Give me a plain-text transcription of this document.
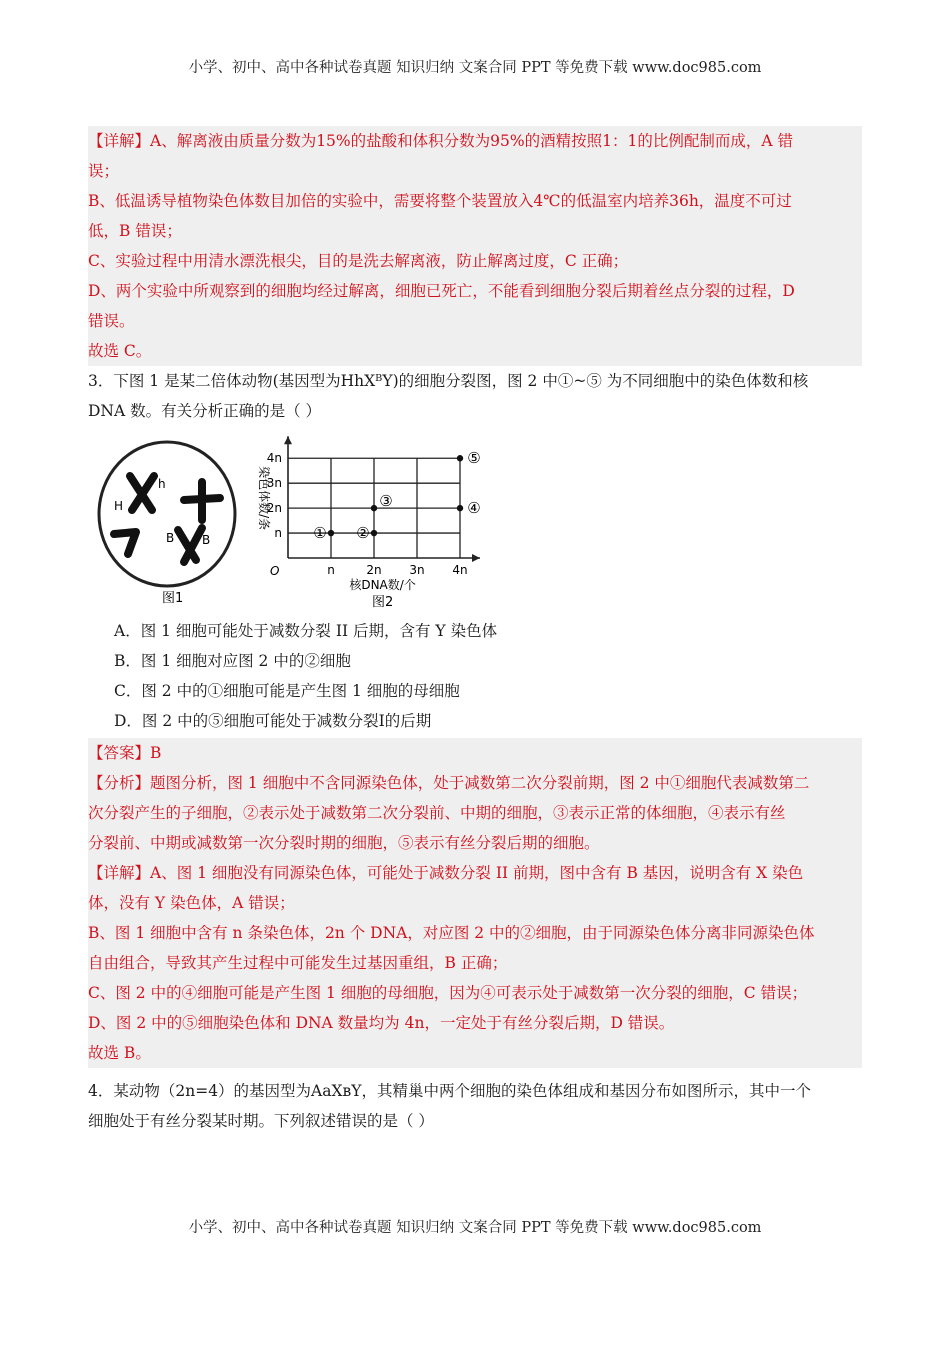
小学、初中、高中各种试卷真题 知识归纳 文案合同 PPT 等免费下载 www.doc985.com
【详解】A、解离液由质量分数为15%的盐酸和体积分数为95%的酒精按照1：1的比例配制而成，A 错
误；
B、低温诱导植物染色体数目加倍的实验中，需要将整个装置放入4℃的低温室内培养36h，温度不可过
低，B 错误；
C、实验过程中用清水漂洗根尖，目的是洗去解离液，防止解离过度，C 正确；
D、两个实验中所观察到的细胞均经过解离，细胞已死亡，不能看到细胞分裂后期着丝点分裂的过程，D
错误。
故选 C。
3．下图 1 是某二倍体动物(基因型为HhXᴮY)的细胞分裂图，图 2 中①~⑤ 为不同细胞中的染色体数和核
DNA 数。有关分析正确的是（ ）
H
h
B B
图1
染色体数/条
核DNA数/个
O
图2
n	2n 3n 4n
n
2n
3n
4n
① ②
③	④
⑤
A．图 1 细胞可能处于减数分裂 II 后期，含有 Y 染色体
B．图 1 细胞对应图 2 中的②细胞
C．图 2 中的①细胞可能是产生图 1 细胞的母细胞
D．图 2 中的⑤细胞可能处于减数分裂Ⅰ的后期
【答案】B
【分析】题图分析，图 1 细胞中不含同源染色体，处于减数第二次分裂前期，图 2 中①细胞代表减数第二
次分裂产生的子细胞，②表示处于减数第二次分裂前、中期的细胞，③表示正常的体细胞，④表示有丝
分裂前、中期或减数第一次分裂时期的细胞，⑤表示有丝分裂后期的细胞。
【详解】A、图 1 细胞没有同源染色体，可能处于减数分裂 II 前期，图中含有 B 基因，说明含有 X 染色
体，没有 Y 染色体，A 错误；
B、图 1 细胞中含有 n 条染色体，2n 个 DNA，对应图 2 中的②细胞，由于同源染色体分离非同源染色体
自由组合，导致其产生过程中可能发生过基因重组，B 正确；
C、图 2 中的④细胞可能是产生图 1 细胞的母细胞，因为④可表示处于减数第一次分裂的细胞，C 错误；
D、图 2 中的⑤细胞染色体和 DNA 数量均为 4n，一定处于有丝分裂后期，D 错误。
故选 B。
4．某动物（2n=4）的基因型为AaXʙY，其精巢中两个细胞的染色体组成和基因分布如图所示，其中一个
细胞处于有丝分裂某时期。下列叙述错误的是（ ）
小学、初中、高中各种试卷真题 知识归纳 文案合同 PPT 等免费下载 www.doc985.com
